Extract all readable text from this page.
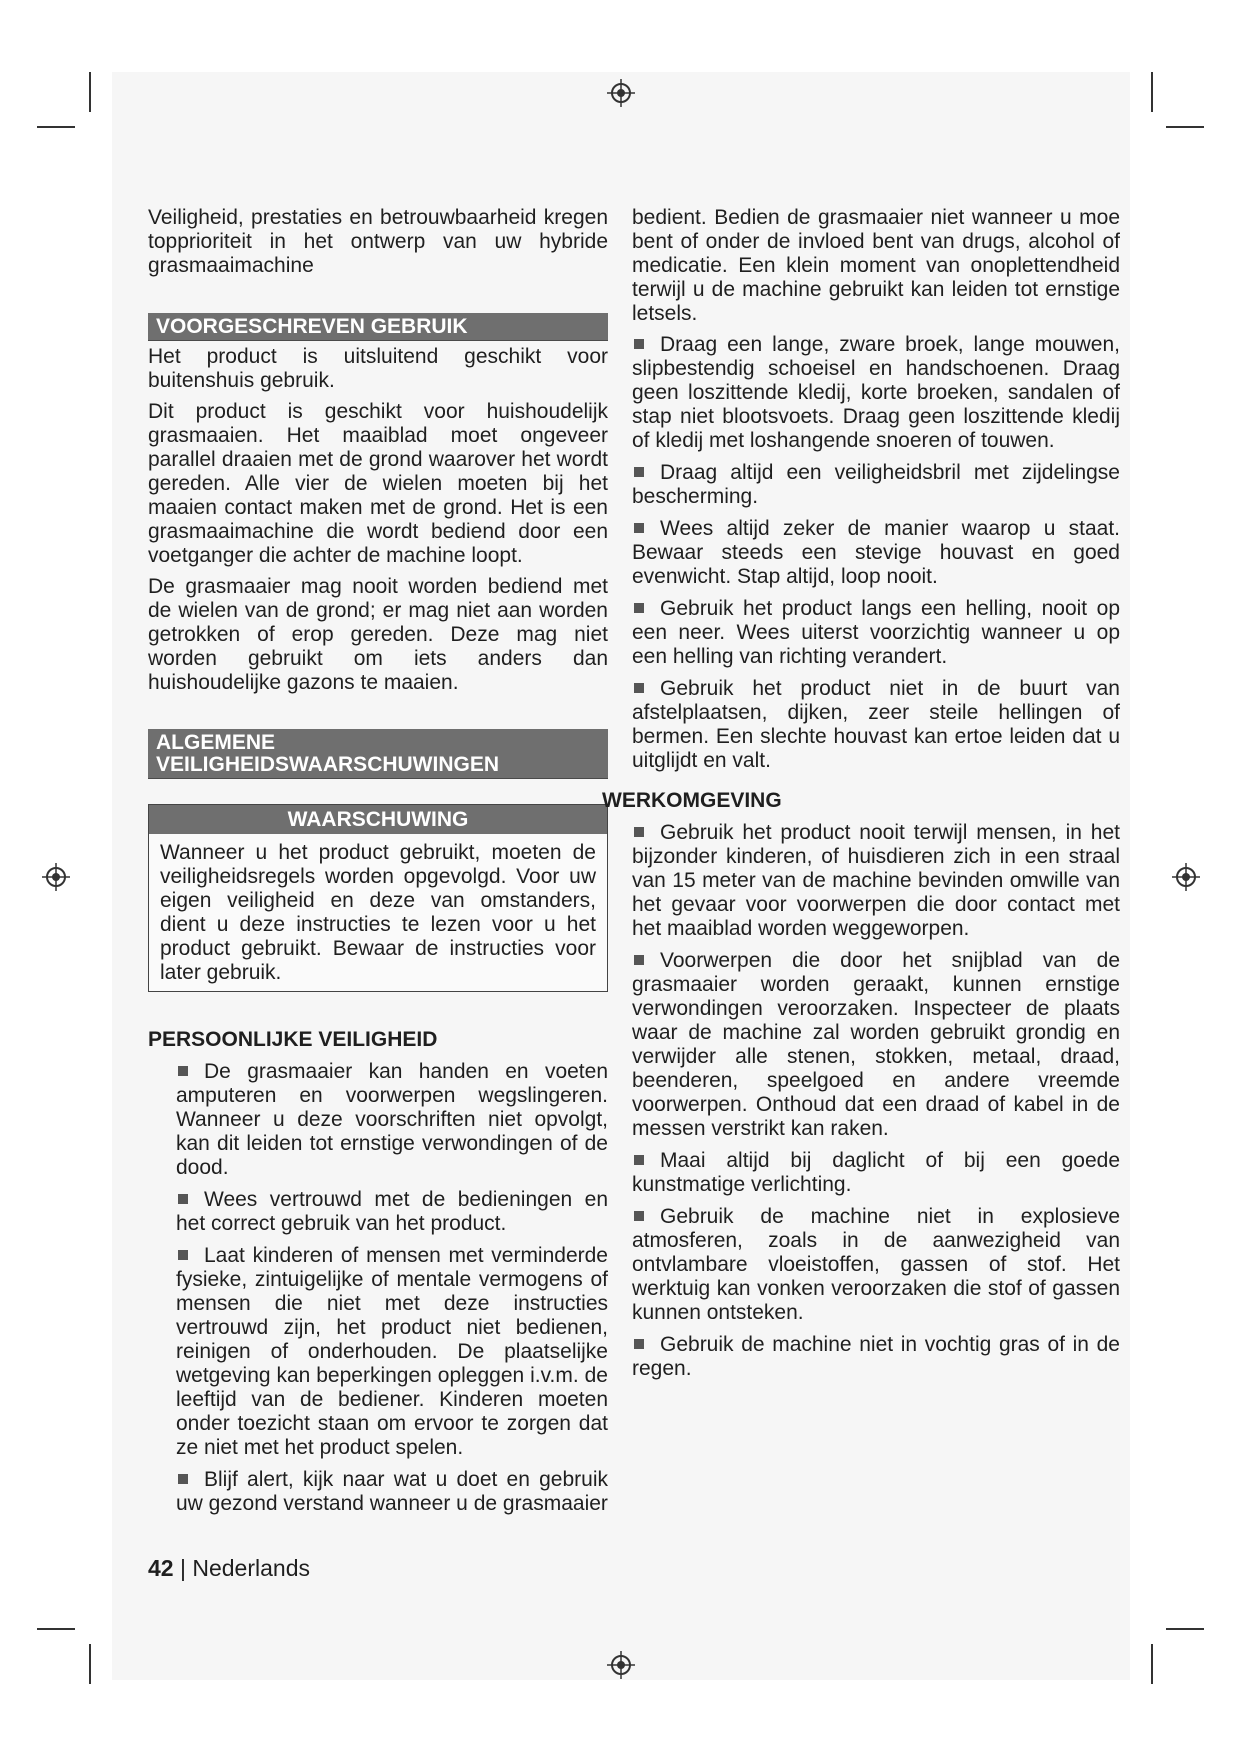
Veiligheid, prestaties en betrouwbaarheid kregen topprioriteit in het ontwerp van uw hybride grasmaaimachine

VOORGESCHREVEN GEBRUIK

Het product is uitsluitend geschikt voor buitenshuis gebruik.

Dit product is geschikt voor huishoudelijk grasmaaien. Het maaiblad moet ongeveer parallel draaien met de grond waarover het wordt gereden. Alle vier de wielen moeten bij het maaien contact maken met de grond. Het is een grasmaaimachine die wordt bediend door een voetganger die achter de machine loopt.

De grasmaaier mag nooit worden bediend met de wielen van de grond; er mag niet aan worden getrokken of erop gereden. Deze mag niet worden gebruikt om iets anders dan huishoudelijke gazons te maaien.

ALGEMENE
VEILIGHEIDSWAARSCHUWINGEN
WAARSCHUWING
Wanneer u het product gebruikt, moeten de veiligheidsregels worden opgevolgd. Voor uw eigen veiligheid en deze van omstanders, dient u deze instructies te lezen voor u het product gebruikt. Bewaar de instructies voor later gebruik.
PERSOONLIJKE VEILIGHEID
De grasmaaier kan handen en voeten amputeren en voorwerpen wegslingeren. Wanneer u deze voorschriften niet opvolgt, kan dit leiden tot ernstige verwondingen of de dood.
Wees vertrouwd met de bedieningen en het correct gebruik van het product.
Laat kinderen of mensen met verminderde fysieke, zintuigelijke of mentale vermogens of mensen die niet met deze instructies vertrouwd zijn, het product niet bedienen, reinigen of onderhouden. De plaatselijke wetgeving kan beperkingen opleggen i.v.m. de leeftijd van de bediener. Kinderen moeten onder toezicht staan om ervoor te zorgen dat ze niet met het product spelen.
Blijf alert, kijk naar wat u doet en gebruik uw gezond verstand wanneer u de grasmaaier

bedient. Bedien de grasmaaier niet wanneer u moe bent of onder de invloed bent van drugs, alcohol of medicatie. Een klein moment van onoplettendheid terwijl u de machine gebruikt kan leiden tot ernstige letsels.

Draag een lange, zware broek, lange mouwen, slipbestendig schoeisel en handschoenen. Draag geen loszittende kledij, korte broeken, sandalen of stap niet blootsvoets. Draag geen loszittende kledij of kledij met loshangende snoeren of touwen.
Draag altijd een veiligheidsbril met zijdelingse bescherming.
Wees altijd zeker de manier waarop u staat. Bewaar steeds een stevige houvast en goed evenwicht. Stap altijd, loop nooit.
Gebruik het product langs een helling, nooit op een neer. Wees uiterst voorzichtig wanneer u op een helling van richting verandert.
Gebruik het product niet in de buurt van afstelplaatsen, dijken, zeer steile hellingen of bermen. Een slechte houvast kan ertoe leiden dat u uitglijdt en valt.
WERKOMGEVING
Gebruik het product nooit terwijl mensen, in het bijzonder kinderen, of huisdieren zich in een straal van 15 meter van de machine bevinden omwille van het gevaar voor voorwerpen die door contact met het maaiblad worden weggeworpen.
Voorwerpen die door het snijblad van de grasmaaier worden geraakt, kunnen ernstige verwondingen veroorzaken. Inspecteer de plaats waar de machine zal worden gebruikt grondig en verwijder alle stenen, stokken, metaal, draad, beenderen, speelgoed en andere vreemde voorwerpen. Onthoud dat een draad of kabel in de messen verstrikt kan raken.
Maai altijd bij daglicht of bij een goede kunstmatige verlichting.
Gebruik de machine niet in explosieve atmosferen, zoals in de aanwezigheid van ontvlambare vloeistoffen, gassen of stof. Het werktuig kan vonken veroorzaken die stof of gassen kunnen ontsteken.
Gebruik de machine niet in vochtig gras of in de regen.
42 | Nederlands
